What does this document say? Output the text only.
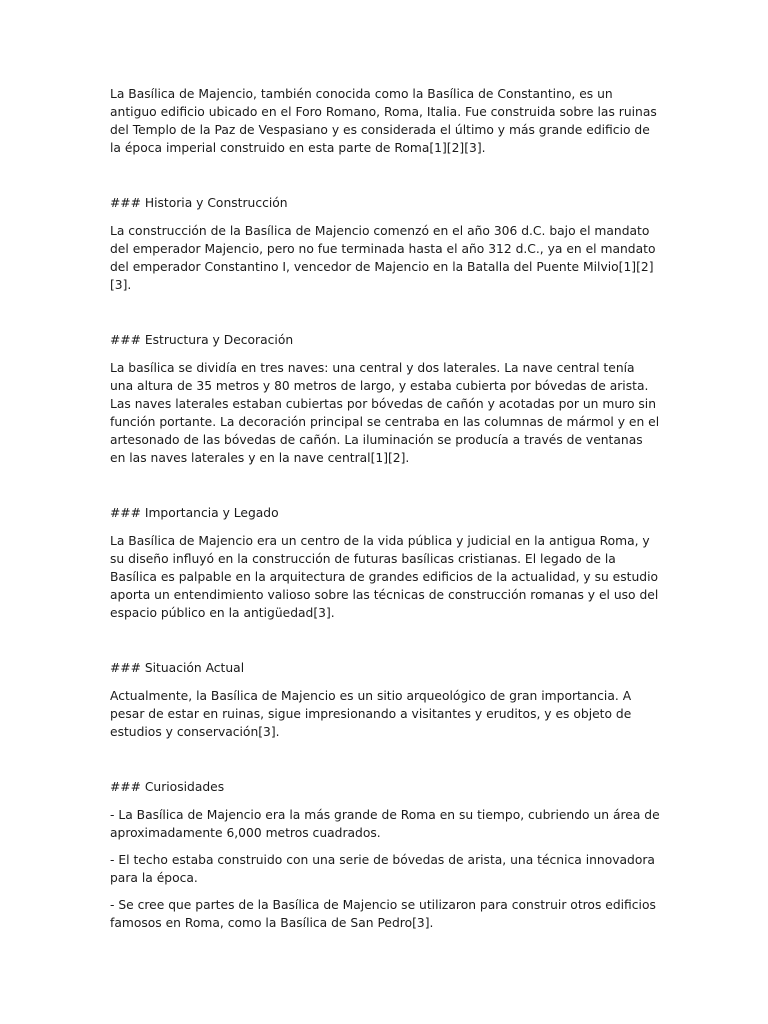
La Basílica de Majencio, también conocida como la Basílica de Constantino, es un antiguo edificio ubicado en el Foro Romano, Roma, Italia. Fue construida sobre las ruinas del Templo de la Paz de Vespasiano y es considerada el último y más grande edificio de la época imperial construido en esta parte de Roma[1][2][3].

### Historia y Construcción

La construcción de la Basílica de Majencio comenzó en el año 306 d.C. bajo el mandato del emperador Majencio, pero no fue terminada hasta el año 312 d.C., ya en el mandato del emperador Constantino I, vencedor de Majencio en la Batalla del Puente Milvio[1][2][3].

### Estructura y Decoración

La basílica se dividía en tres naves: una central y dos laterales. La nave central tenía una altura de 35 metros y 80 metros de largo, y estaba cubierta por bóvedas de arista. Las naves laterales estaban cubiertas por bóvedas de cañón y acotadas por un muro sin función portante. La decoración principal se centraba en las columnas de mármol y en el artesonado de las bóvedas de cañón. La iluminación se producía a través de ventanas en las naves laterales y en la nave central[1][2].

### Importancia y Legado

La Basílica de Majencio era un centro de la vida pública y judicial en la antigua Roma, y su diseño influyó en la construcción de futuras basílicas cristianas. El legado de la Basílica es palpable en la arquitectura de grandes edificios de la actualidad, y su estudio aporta un entendimiento valioso sobre las técnicas de construcción romanas y el uso del espacio público en la antigüedad[3].

### Situación Actual

Actualmente, la Basílica de Majencio es un sitio arqueológico de gran importancia. A pesar de estar en ruinas, sigue impresionando a visitantes y eruditos, y es objeto de estudios y conservación[3].

### Curiosidades

- La Basílica de Majencio era la más grande de Roma en su tiempo, cubriendo un área de aproximadamente 6,000 metros cuadrados.

- El techo estaba construido con una serie de bóvedas de arista, una técnica innovadora para la época.

- Se cree que partes de la Basílica de Majencio se utilizaron para construir otros edificios famosos en Roma, como la Basílica de San Pedro[3].
